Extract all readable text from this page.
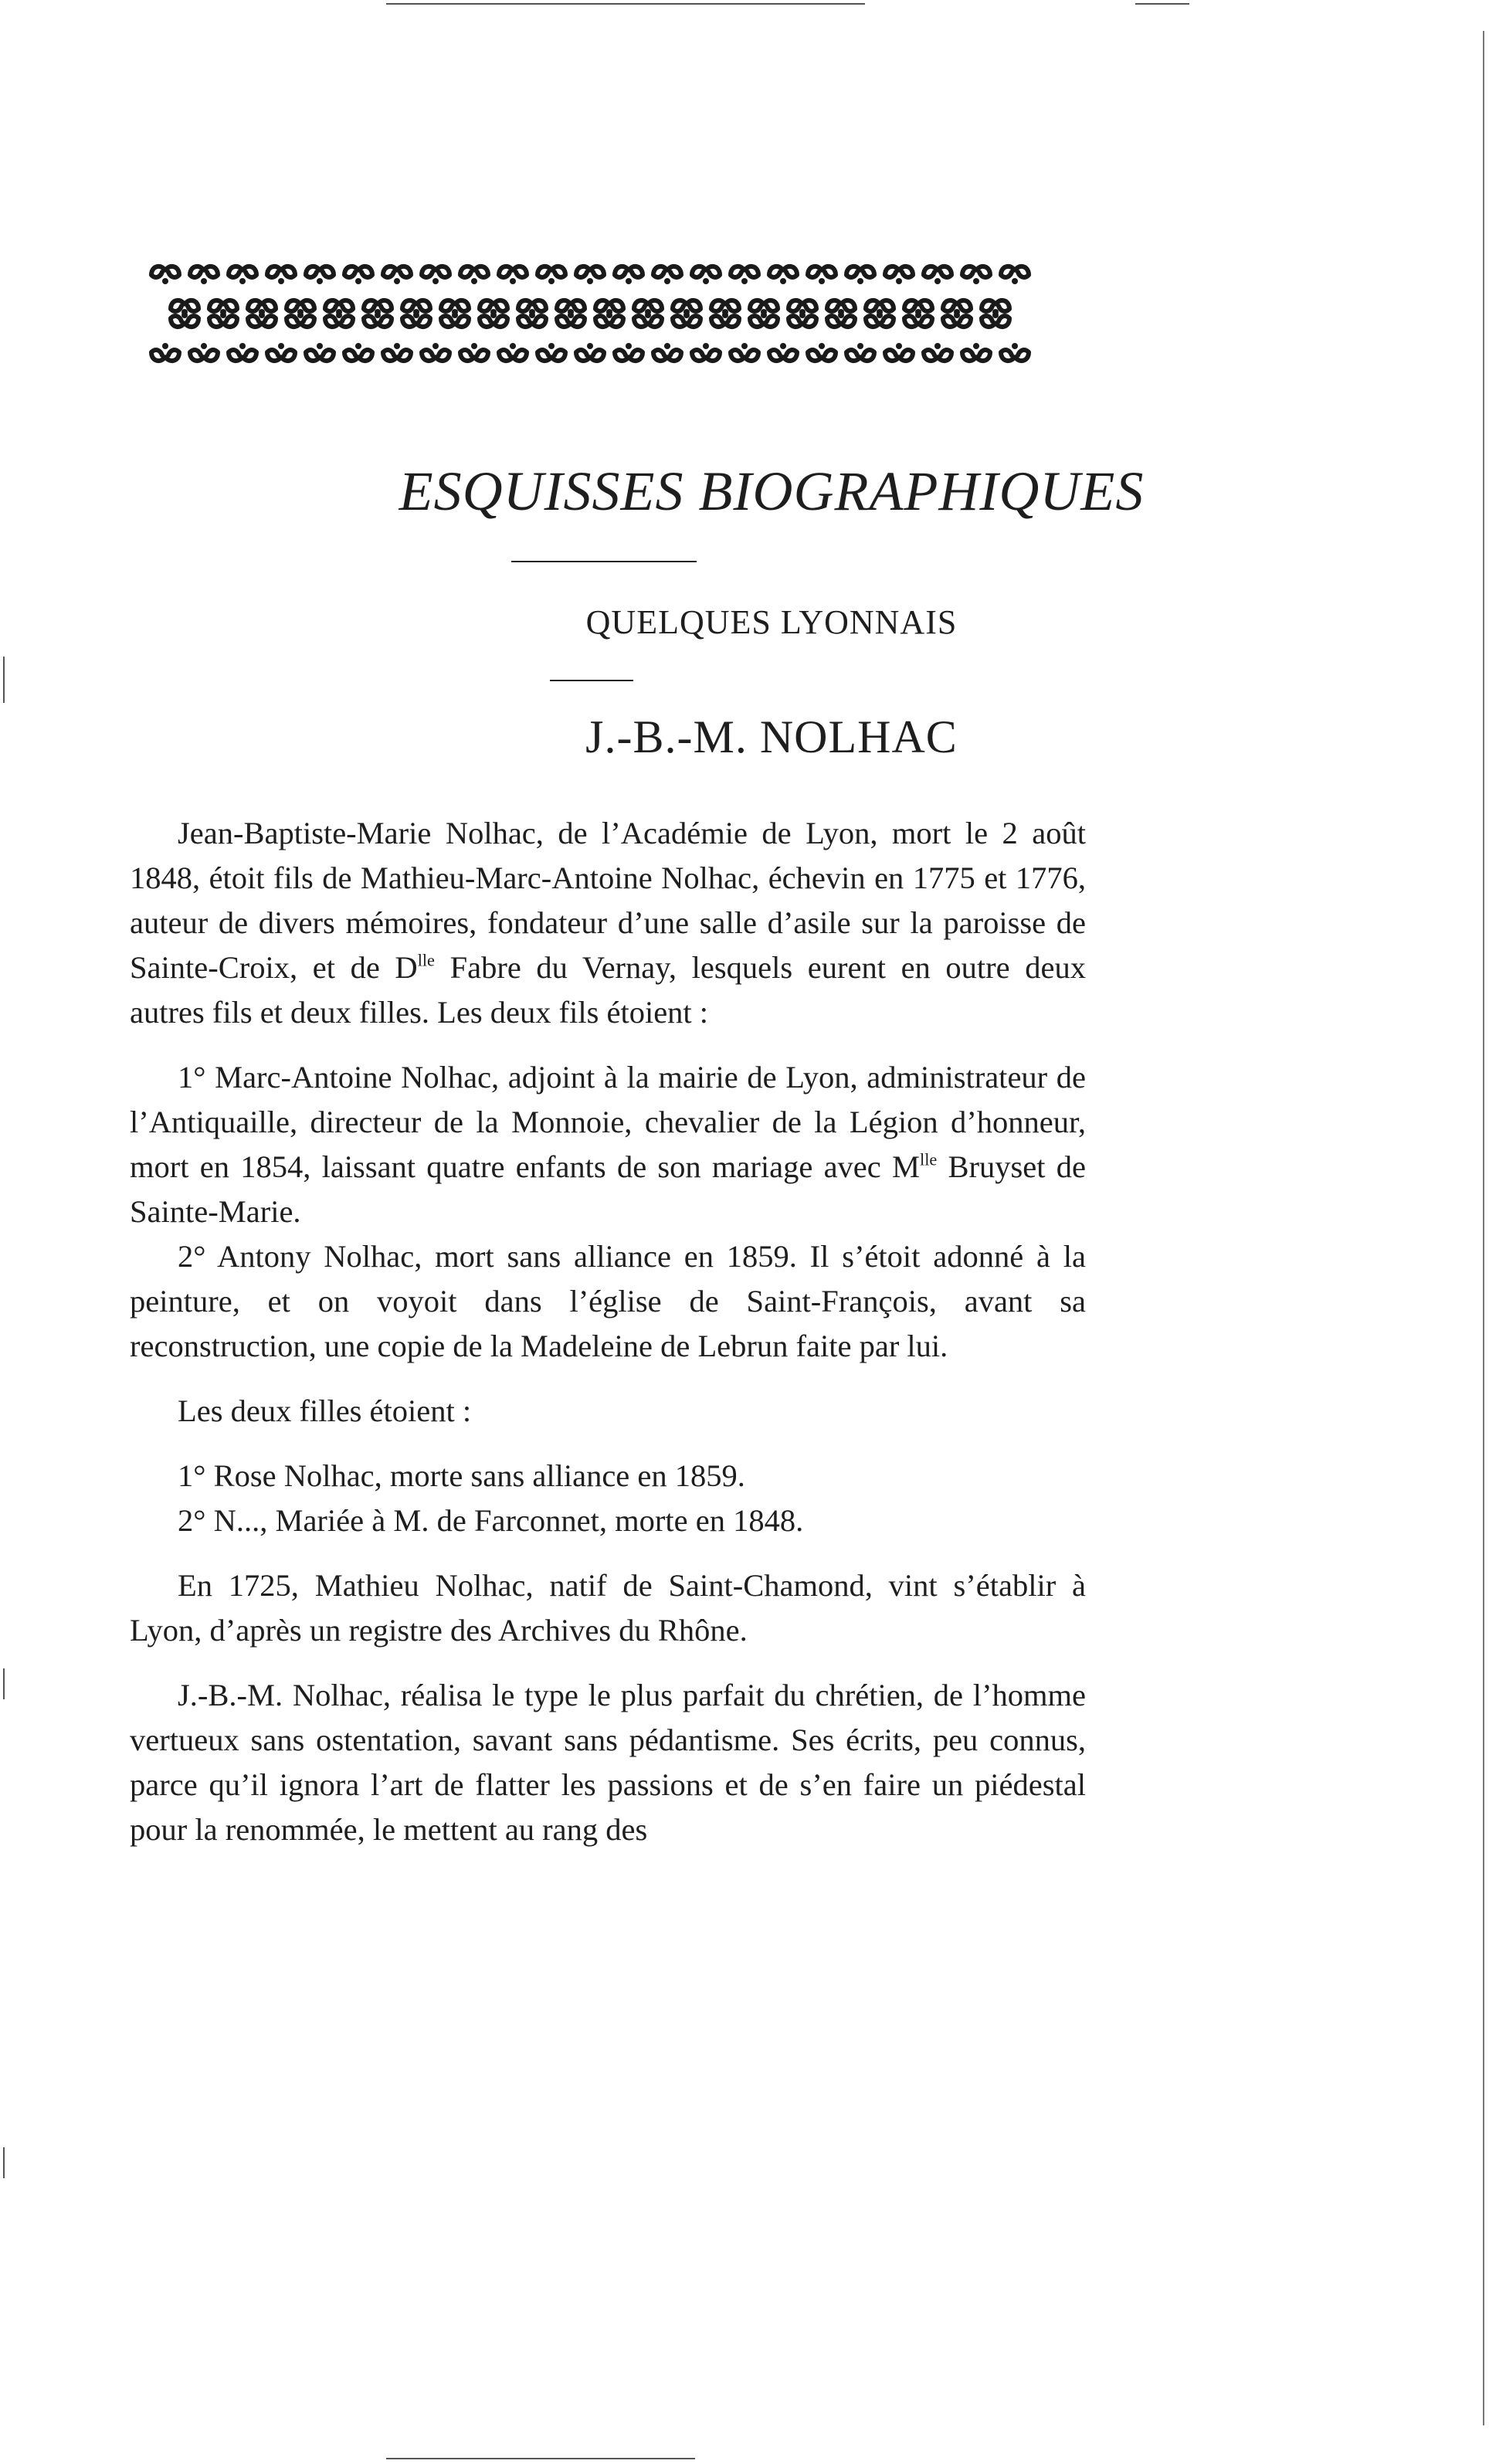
ESQUISSES BIOGRAPHIQUES
QUELQUES LYONNAIS
J.-B.-M. NOLHAC

Jean-Baptiste-Marie Nolhac, de l’Académie de Lyon, mort le 2 août 1848, étoit fils de Mathieu-Marc-Antoine Nolhac, échevin en 1775 et 1776, auteur de divers mémoires, fondateur d’une salle d’asile sur la paroisse de Sainte-Croix, et de $D^{lle}$ Fabre du Vernay, lesquels eurent en outre deux autres fils et deux filles. Les deux fils étoient :

1° Marc-Antoine Nolhac, adjoint à la mairie de Lyon, administrateur de l’Antiquaille, directeur de la Monnoie, chevalier de la Légion d’honneur, mort en 1854, laissant quatre enfants de son mariage avec $M^{lle}$ Bruyset de Sainte-Marie.

2° Antony Nolhac, mort sans alliance en 1859. Il s’étoit adonné à la peinture, et on voyoit dans l’église de Saint-François, avant sa reconstruction, une copie de la Madeleine de Lebrun faite par lui.

Les deux filles étoient :

1° Rose Nolhac, morte sans alliance en 1859.

2° N..., Mariée à M. de Farconnet, morte en 1848.

En 1725, Mathieu Nolhac, natif de Saint-Chamond, vint s’établir à Lyon, d’après un registre des Archives du Rhône.

J.-B.-M. Nolhac, réalisa le type le plus parfait du chrétien, de l’homme vertueux sans ostentation, savant sans pédantisme. Ses écrits, peu connus, parce qu’il ignora l’art de flatter les passions et de s’en faire un piédestal pour la renommée, le mettent au rang des
